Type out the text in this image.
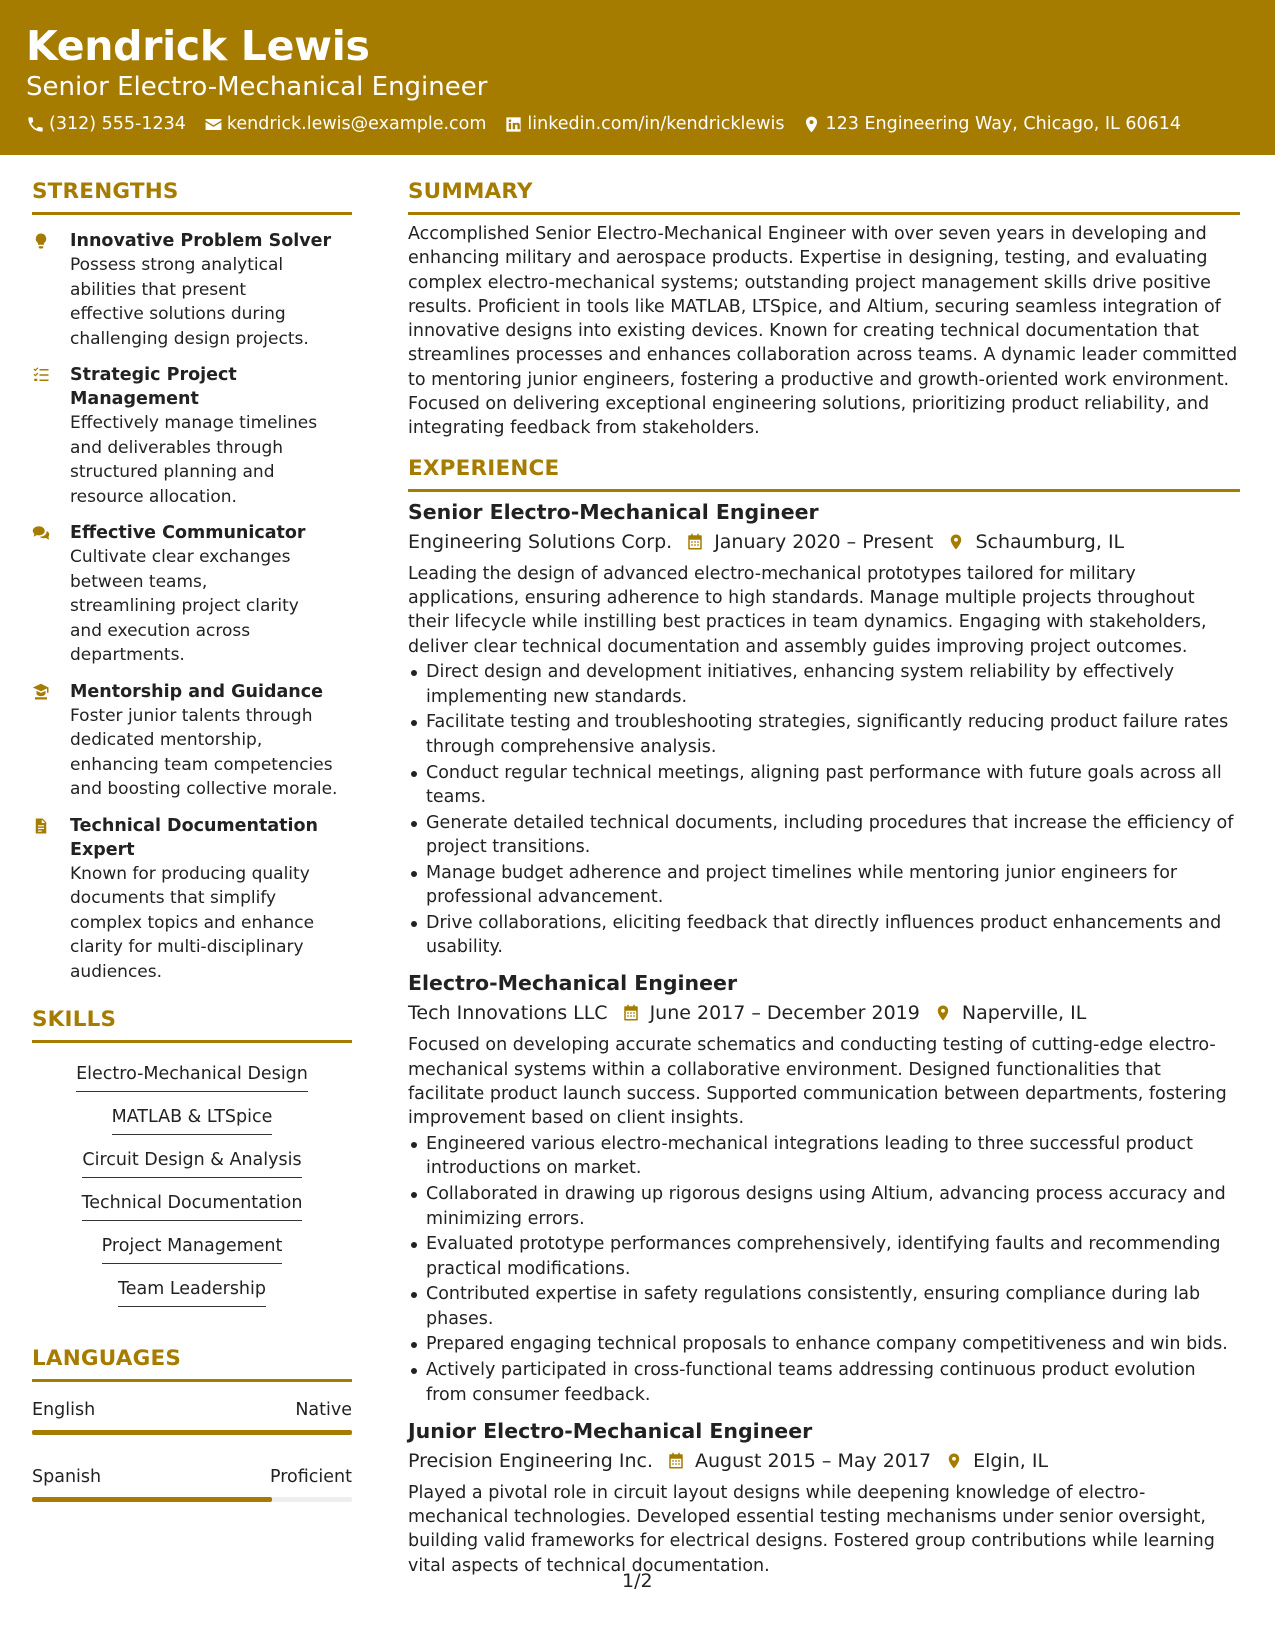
Kendrick Lewis
Senior Electro-Mechanical Engineer
(312) 555-1234 kendrick.lewis@example.com linkedin.com/in/kendricklewis 123 Engineering Way, Chicago, IL 60614
STRENGTHS
Innovative Problem Solver
Possess strong analytical abilities that present effective solutions during challenging design projects.
Strategic Project Management
Effectively manage timelines and deliverables through structured planning and resource allocation.
Effective Communicator
Cultivate clear exchanges between teams, streamlining project clarity and execution across departments.
Mentorship and Guidance
Foster junior talents through dedicated mentorship, enhancing team competencies and boosting collective morale.
Technical Documentation Expert
Known for producing quality documents that simplify complex topics and enhance clarity for multi-disciplinary audiences.
SKILLS
Electro-Mechanical Design
MATLAB & LTSpice
Circuit Design & Analysis
Technical Documentation
Project Management
Team Leadership
LANGUAGES
English	Native
Spanish	Proficient
SUMMARY
Accomplished Senior Electro-Mechanical Engineer with over seven years in developing and enhancing military and aerospace products. Expertise in designing, testing, and evaluating complex electro-mechanical systems; outstanding project management skills drive positive results. Proficient in tools like MATLAB, LTSpice, and Altium, securing seamless integration of innovative designs into existing devices. Known for creating technical documentation that streamlines processes and enhances collaboration across teams. A dynamic leader committed to mentoring junior engineers, fostering a productive and growth-oriented work environment. Focused on delivering exceptional engineering solutions, prioritizing product reliability, and integrating feedback from stakeholders.
EXPERIENCE
Senior Electro-Mechanical Engineer
Engineering Solutions Corp. January 2020 – Present Schaumburg, IL
Leading the design of advanced electro-mechanical prototypes tailored for military applications, ensuring adherence to high standards. Manage multiple projects throughout their lifecycle while instilling best practices in team dynamics. Engaging with stakeholders, deliver clear technical documentation and assembly guides improving project outcomes.
Direct design and development initiatives, enhancing system reliability by effectively implementing new standards.
Facilitate testing and troubleshooting strategies, significantly reducing product failure rates through comprehensive analysis.
Conduct regular technical meetings, aligning past performance with future goals across all teams.
Generate detailed technical documents, including procedures that increase the efficiency of project transitions.
Manage budget adherence and project timelines while mentoring junior engineers for professional advancement.
Drive collaborations, eliciting feedback that directly influences product enhancements and usability.
Electro-Mechanical Engineer
Tech Innovations LLC June 2017 – December 2019 Naperville, IL
Focused on developing accurate schematics and conducting testing of cutting-edge electro-mechanical systems within a collaborative environment. Designed functionalities that facilitate product launch success. Supported communication between departments, fostering improvement based on client insights.
Engineered various electro-mechanical integrations leading to three successful product introductions on market.
Collaborated in drawing up rigorous designs using Altium, advancing process accuracy and minimizing errors.
Evaluated prototype performances comprehensively, identifying faults and recommending practical modifications.
Contributed expertise in safety regulations consistently, ensuring compliance during lab phases.
Prepared engaging technical proposals to enhance company competitiveness and win bids.
Actively participated in cross-functional teams addressing continuous product evolution from consumer feedback.
Junior Electro-Mechanical Engineer
Precision Engineering Inc. August 2015 – May 2017 Elgin, IL
Played a pivotal role in circuit layout designs while deepening knowledge of electro-mechanical technologies. Developed essential testing mechanisms under senior oversight, building valid frameworks for electrical designs. Fostered group contributions while learning vital aspects of technical documentation.
1/2
